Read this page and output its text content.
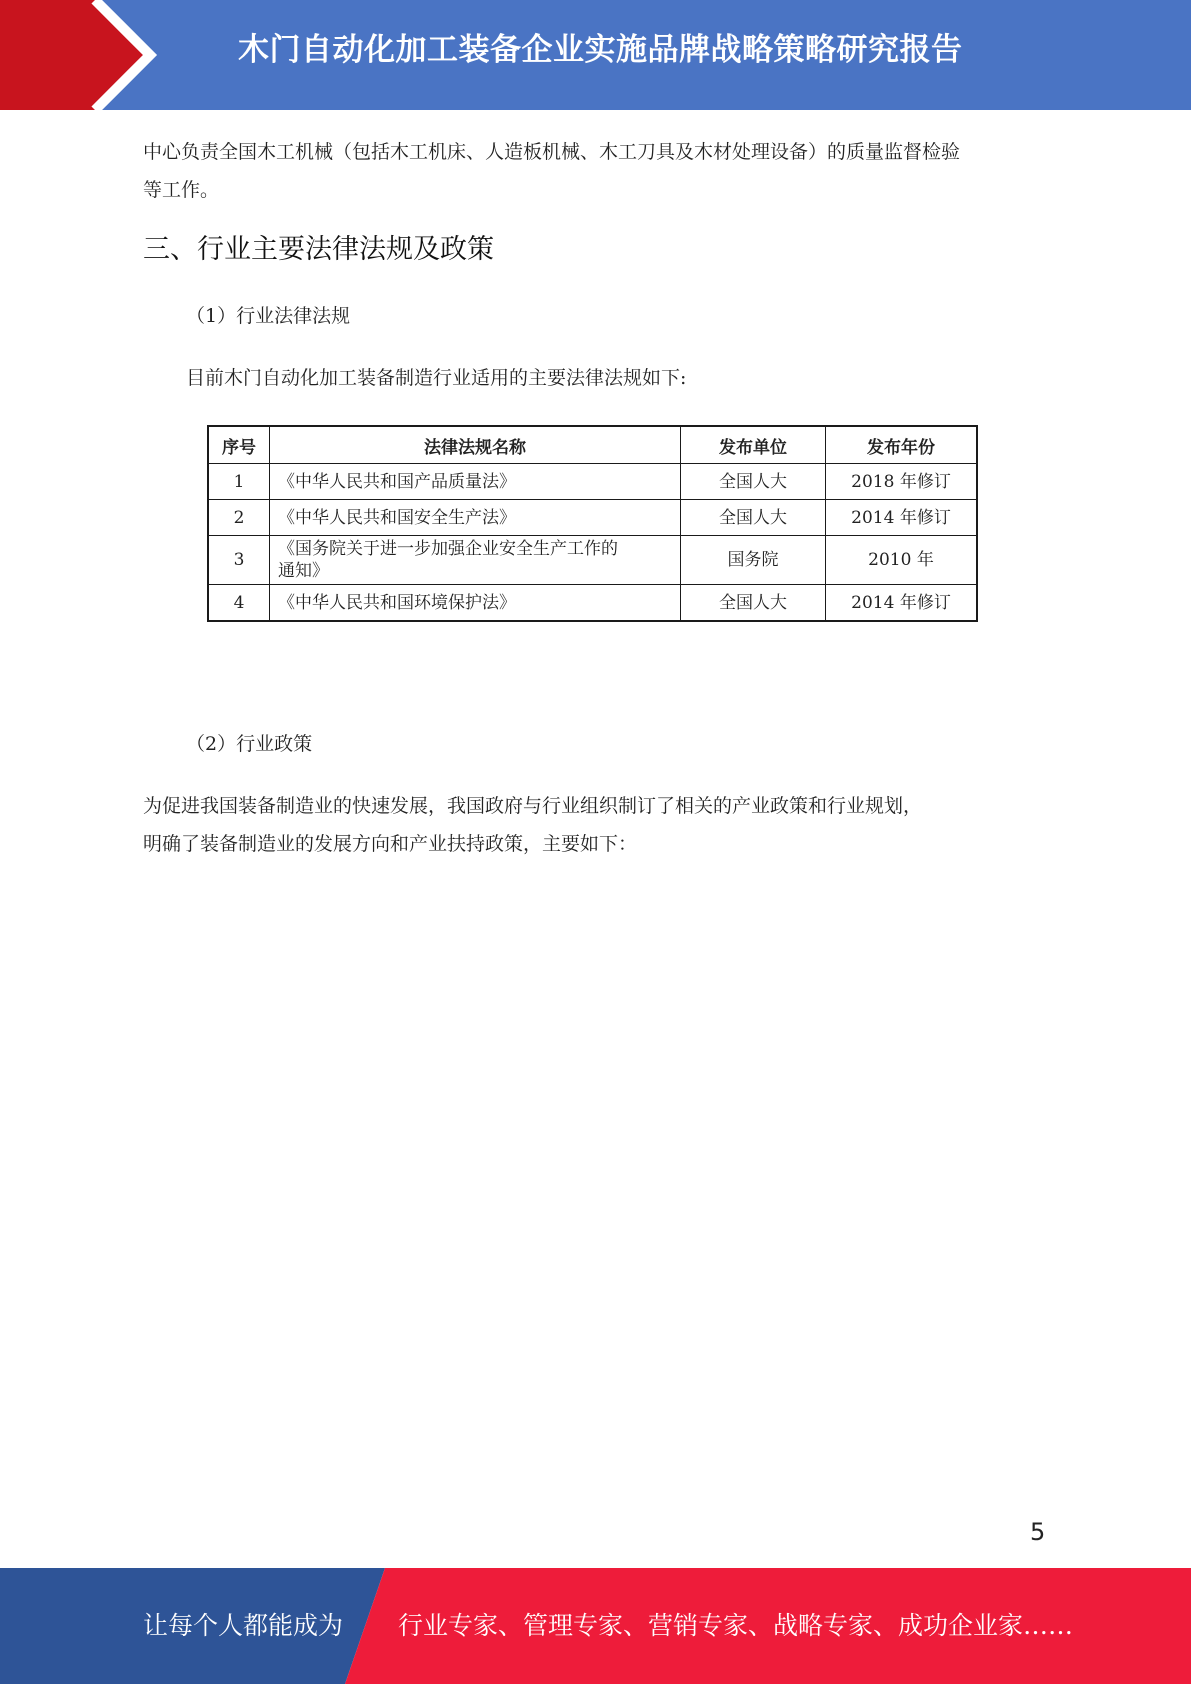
木门自动化加工装备企业实施品牌战略策略研究报告
中心负责全国木工机械（包括木工机床、人造板机械、木工刀具及木材处理设备）的质量监督检验
等工作。
三、行业主要法律法规及政策
（1）行业法律法规
目前木门自动化加工装备制造行业适用的主要法律法规如下:
序号	法律法规名称	发布单位	发布年份
1	《中华人民共和国产品质量法》	全国人大	2018 年修订
2	《中华人民共和国安全生产法》	全国人大	2014 年修订
3	《国务院关于进一步加强企业安全生产工作的
通知》	国务院	2010 年
4	《中华人民共和国环境保护法》	全国人大	2014 年修订
（2）行业政策
为促进我国装备制造业的快速发展，我国政府与行业组织制订了相关的产业政策和行业规划，
明确了装备制造业的发展方向和产业扶持政策，主要如下：
5
让每个人都能成为 行业专家、管理专家、营销专家、战略专家、成功企业家……
